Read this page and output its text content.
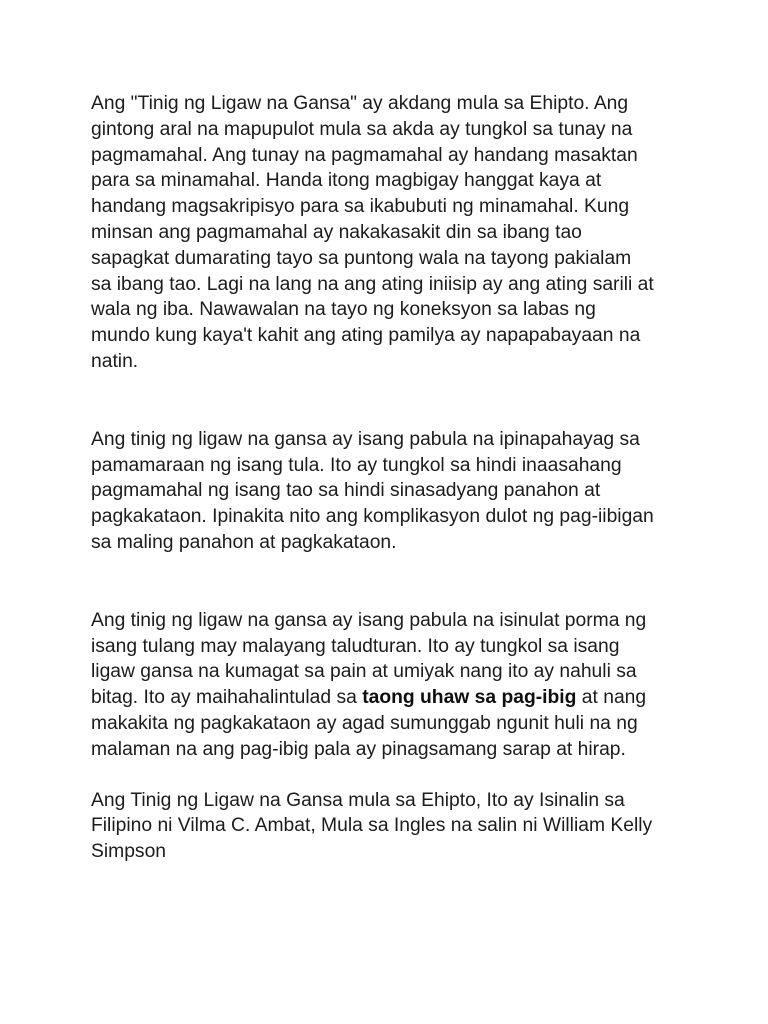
Ang "Tinig ng Ligaw na Gansa" ay akdang mula sa Ehipto. Ang
gintong aral na mapupulot mula sa akda ay tungkol sa tunay na
pagmamahal. Ang tunay na pagmamahal ay handang masaktan
para sa minamahal. Handa itong magbigay hanggat kaya at
handang magsakripisyo para sa ikabubuti ng minamahal. Kung
minsan ang pagmamahal ay nakakasakit din sa ibang tao
sapagkat dumarating tayo sa puntong wala na tayong pakialam
sa ibang tao. Lagi na lang na ang ating iniisip ay ang ating sarili at
wala ng iba. Nawawalan na tayo ng koneksyon sa labas ng
mundo kung kaya't kahit ang ating pamilya ay napapabayaan na
natin.

Ang tinig ng ligaw na gansa ay isang pabula na ipinapahayag sa
pamamaraan ng isang tula. Ito ay tungkol sa hindi inaasahang
pagmamahal ng isang tao sa hindi sinasadyang panahon at
pagkakataon. Ipinakita nito ang komplikasyon dulot ng pag-iibigan
sa maling panahon at pagkakataon.

Ang tinig ng ligaw na gansa ay isang pabula na isinulat porma ng
isang tulang may malayang taludturan. Ito ay tungkol sa isang
ligaw gansa na kumagat sa pain at umiyak nang ito ay nahuli sa
bitag. Ito ay maihahalintulad sa taong uhaw sa pag-ibig at nang
makakita ng pagkakataon ay agad sumunggab ngunit huli na ng
malaman na ang pag-ibig pala ay pinagsamang sarap at hirap.

Ang Tinig ng Ligaw na Gansa mula sa Ehipto, Ito ay Isinalin sa
Filipino ni Vilma C. Ambat, Mula sa Ingles na salin ni William Kelly
Simpson
